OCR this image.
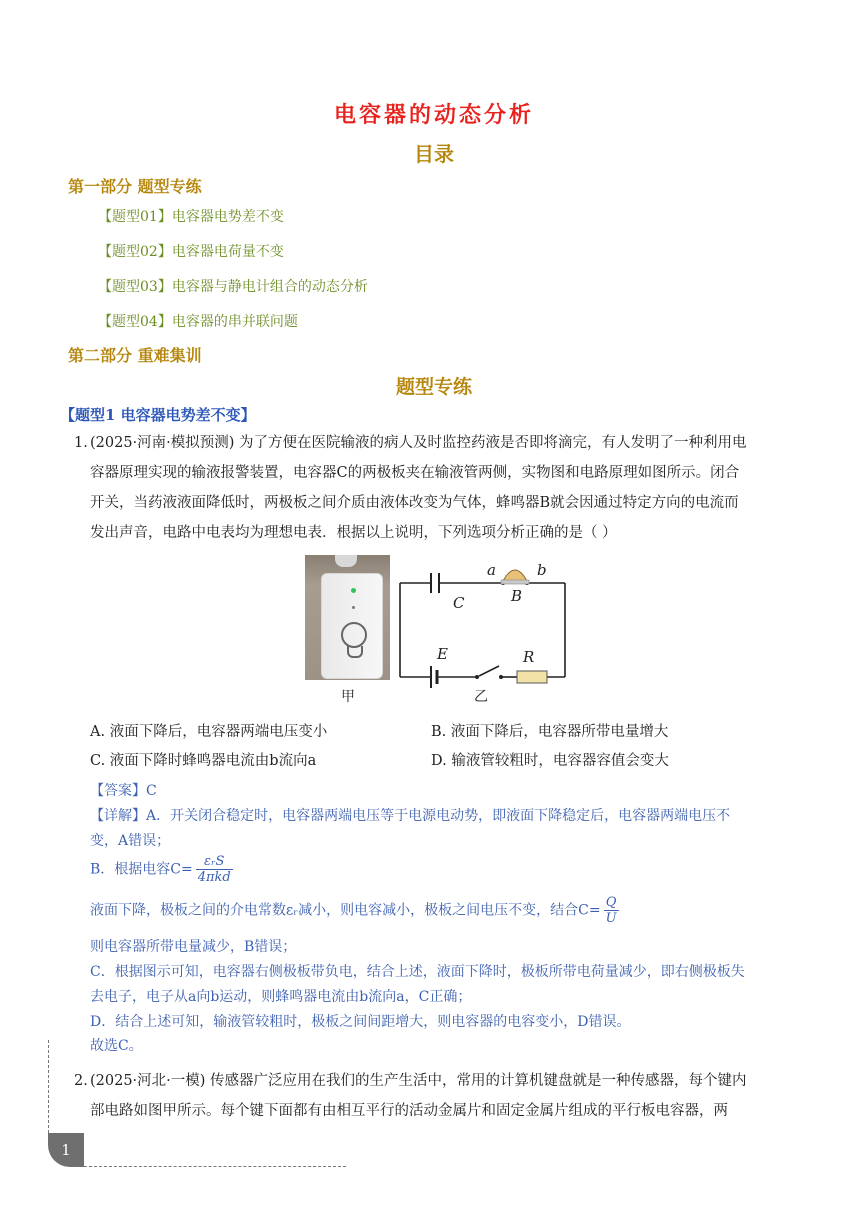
电容器的动态分析
目录
第一部分 题型专练
【题型01】电容器电势差不变
【题型02】电容器电荷量不变
【题型03】电容器与静电计组合的动态分析
【题型04】电容器的串并联问题
第二部分 重难集训
题型专练
【题型1 电容器电势差不变】
1. (2025·河南·模拟预测) 为了方便在医院输液的病人及时监控药液是否即将滴完，有人发明了一种利用电
容器原理实现的输液报警装置，电容器C的两极板夹在输液管两侧，实物图和电路原理如图所示。闭合
开关，当药液液面降低时，两极板之间介质由液体改变为气体，蜂鸣器B就会因通过特定方向的电流而
发出声音，电路中电表均为理想电表．根据以上说明，下列选项分析正确的是（ ）
甲
a	b
B
C
E	R
乙
A. 液面下降后，电容器两端电压变小	B. 液面下降后，电容器所带电量增大
C. 液面下降时蜂鸣器电流由b流向a	D. 输液管较粗时，电容器容值会变大
【答案】C
【详解】A．开关闭合稳定时，电容器两端电压等于电源电动势，即液面下降稳定后，电容器两端电压不
变，A错误；
B．根据电容$C= \frac{\text{εᵣS}}{\text{4πkd}}$
液面下降，极板之间的介电常数εᵣ减小，则电容减小，极板之间电压不变，结合$C= \frac{Q}{U}$
则电容器所带电量减少，B错误；
C．根据图示可知，电容器右侧极板带负电，结合上述，液面下降时，极板所带电荷量减少，即右侧极板失
去电子，电子从a向b运动，则蜂鸣器电流由b流向a，C正确；
D．结合上述可知，输液管较粗时，极板之间间距增大，则电容器的电容变小，D错误。
故选C。
2. (2025·河北·一模) 传感器广泛应用在我们的生产生活中，常用的计算机键盘就是一种传感器，每个键内
部电路如图甲所示。每个键下面都有由相互平行的活动金属片和固定金属片组成的平行板电容器，两
1
